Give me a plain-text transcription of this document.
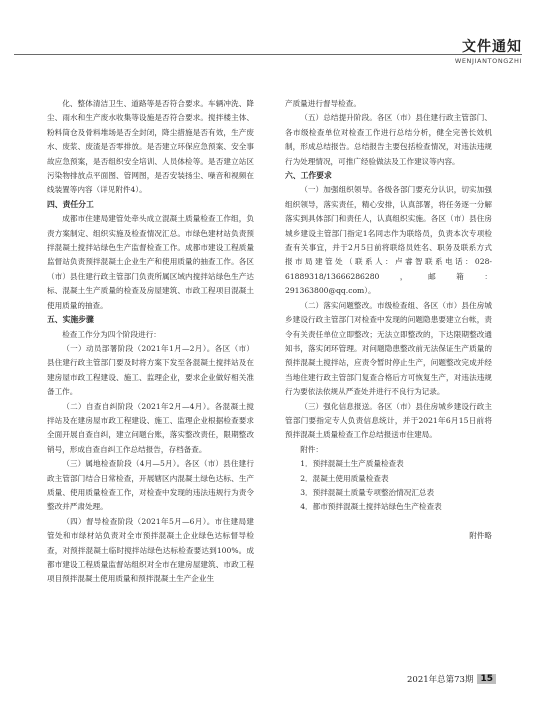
文件通知
WENJIANTONGZHI

化、整体清洁卫生、道路等是否符合要求。车辆冲洗、降尘、雨水和生产废水收集等设施是否符合要求。搅拌楼主体、粉料筒仓及骨料堆场是否全封闭，降尘措施是否有效，生产废水、废浆、废渣是否零排放。是否建立环保应急预案、安全事故应急预案，是否组织安全培训、人员体检等。是否建立站区污染物排放点平面图、管网图，是否安装扬尘、噪音和视频在线装置等内容（详见附件4）。

四、责任分工

成都市住建局建管处牵头成立混凝土质量检查工作组，负责方案制定、组织实施及检查情况汇总。市绿色建材站负责预拌混凝土搅拌站绿色生产监督检查工作。成都市建设工程质量监督站负责预拌混凝土企业生产和使用质量的抽查工作。各区（市）县住建行政主管部门负责所属区域内搅拌站绿色生产达标、混凝土生产质量的检查及房屋建筑、市政工程项目混凝土使用质量的抽查。

五、实施步骤

检查工作分为四个阶段进行：

（一）动员部署阶段（2021年1月—2月）。各区（市）县住建行政主管部门要及时将方案下发至各混凝土搅拌站及在建房屋市政工程建设、施工、监理企业，要求企业做好相关准备工作。

（二）自查自纠阶段（2021年2月—4月）。各混凝土搅拌站及在建房屋市政工程建设、施工、监理企业根据检查要求全面开展自查自纠，建立问题台账，落实整改责任，限期整改销号，形成自查自纠工作总结报告，存档备查。

（三）属地检查阶段（4月—5月）。各区（市）县住建行政主管部门结合日常检查，开展辖区内混凝土绿色达标、生产质量、使用质量检查工作，对检查中发现的违法违规行为责令整改并严肃处理。

（四）督导检查阶段（2021年5月—6月）。市住建局建管处和市绿材站负责对全市预拌混凝土企业绿色达标督导检查，对预拌混凝土临时搅拌站绿色达标检查要达到100%。成都市建设工程质量监督站组织对全市在建房屋建筑、市政工程项目预拌混凝土使用质量和预拌混凝土生产企业生

产质量进行督导检查。

（五）总结提升阶段。各区（市）县住建行政主管部门、各市级检查单位对检查工作进行总结分析，健全完善长效机制，形成总结报告。总结报告主要包括检查情况，对违法违规行为处理情况，可推广经验做法及工作建议等内容。

六、工作要求

（一）加强组织领导。各级各部门要充分认识，切实加强组织领导，落实责任，精心安排，认真部署，将任务逐一分解落实到具体部门和责任人，认真组织实施。各区（市）县住房城乡建设主管部门指定1名同志作为联络员，负责本次专项检查有关事宜，并于2月5日前将联络员姓名、职务及联系方式报市局建管处（联系人：卢睿智联系电话：028-61889318/13666286280，邮箱：291363800@qq.com）。

（二）落实问题整改。市级检查组、各区（市）县住房城乡建设行政主管部门对检查中发现的问题隐患要建立台帐，责令有关责任单位立即整改；无法立即整改的，下达限期整改通知书，落实闭环管理。对问题隐患整改前无法保证生产质量的预拌混凝土搅拌站，应责令暂时停止生产，问题整改完成并经当地住建行政主管部门复查合格后方可恢复生产，对违法违规行为要依法依规从严查处并进行不良行为记录。

（三）强化信息报送。各区（市）县住房城乡建设行政主管部门要指定专人负责信息统计，并于2021年6月15日前将预拌混凝土质量检查工作总结报送市住建局。

附件：

1．预拌混凝土生产质量检查表

2．混凝土使用质量检查表

3．预拌混凝土质量专项整治情况汇总表

4．都市预拌混凝土搅拌站绿色生产检查表

附件略

2021年总第73期 15
